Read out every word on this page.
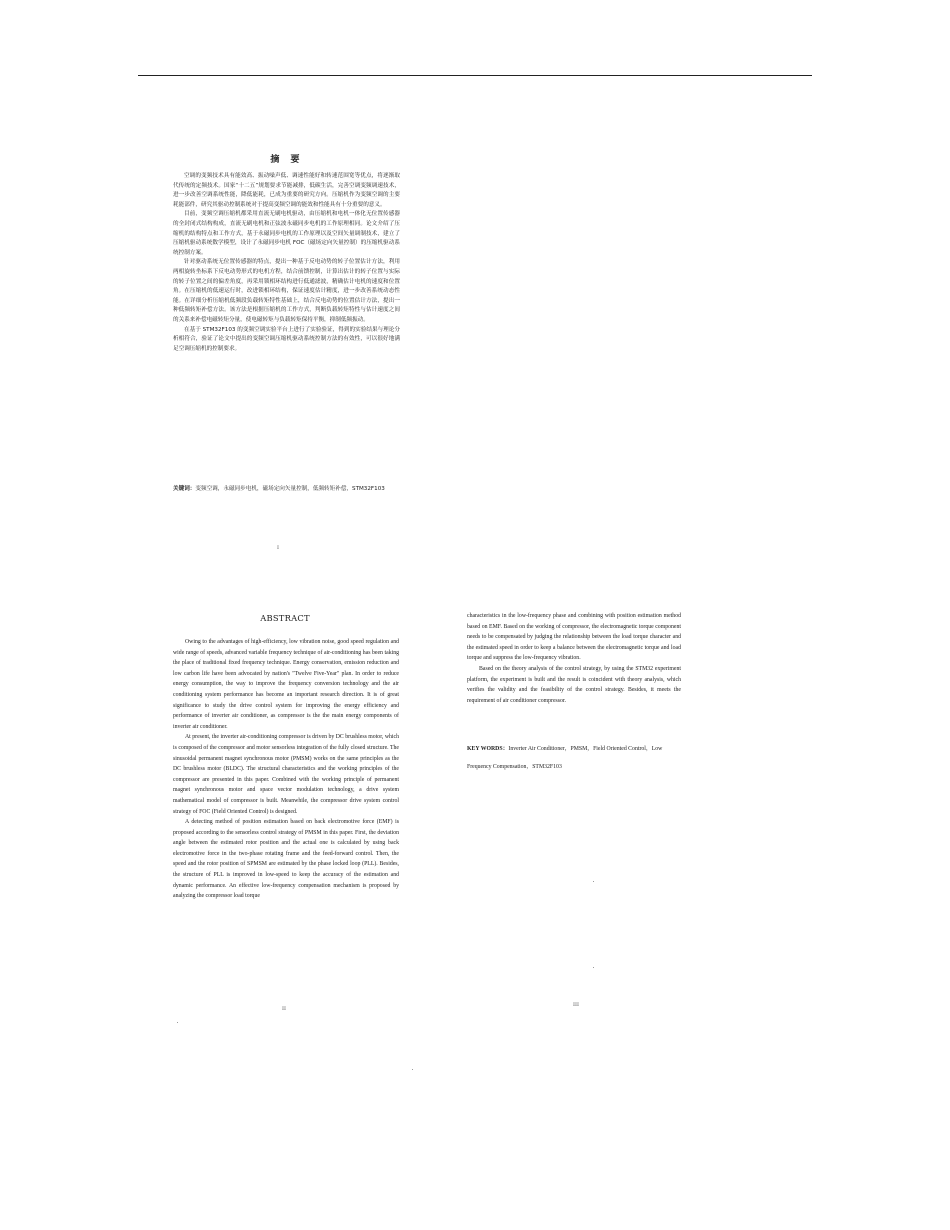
摘 要

空调的变频技术具有能效高、振动噪声低、调速性能好和转速范围宽等优点，将逐渐取代传统的定频技术。国家“十二五”规划要求节能减排，低碳生活，完善空调变频调速技术，进一步改善空调系统性能，降低能耗，已成为重要的研究方向。压缩机作为变频空调的主要耗能部件，研究其驱动控制系统对于提高变频空调的能效和性能具有十分重要的意义。

目前，变频空调压缩机都采用直流无刷电机驱动，由压缩机和电机一体化无位置传感器的全封闭式结构构成，直流无刷电机和正弦波永磁同步电机的工作原理相同。论文介绍了压缩机的结构特点和工作方式，基于永磁同步电机的工作原理以及空间矢量调制技术，建立了压缩机驱动系统数学模型，设计了永磁同步电机 FOC（磁场定向矢量控制）的压缩机驱动系统控制方案。

针对驱动系统无位置传感器的特点，提出一种基于反电动势的转子位置估计方法，利用两相旋转坐标系下反电动势形式的电机方程，结合前馈控制，计算出估计的转子位置与实际的转子位置之间的偏差角度，再采用锁相环结构进行低通滤波，精确估计电机的速度和位置角。在压缩机的低速运行时，改进锁相环结构，保证速度估计精度，进一步改善系统动态性能。在详细分析压缩机低频段负载转矩特性基础上，结合反电动势的位置估计方法，提出一种低频转矩补偿方法。该方法是根据压缩机的工作方式，判断负载转矩特性与估计速度之间的关系来补偿电磁转矩分量，使电磁转矩与负载转矩保持平衡，抑制低频振动。

在基于 STM32F103 的变频空调实验平台上进行了实验验证，得到的实验结果与理论分析相符合，验证了论文中提出的变频空调压缩机驱动系统控制方法的有效性，可以很好地满足空调压缩机的控制要求。

关键词：变频空调，永磁同步电机，磁场定向矢量控制，低频转矩补偿，STM32F103
I
ABSTRACT

Owing to the advantages of high-efficiency, low vibration noise, good speed regulation and wide range of speeds, advanced variable frequency technique of air-conditioning has been taking the place of traditional fixed frequency technique. Energy conservation, emission reduction and low carbon life have been advocated by nation's "Twelve Five-Year" plan. In order to reduce energy consumption, the way to improve the frequency conversion technology and the air conditioning system performance has become an important research direction. It is of great significance to study the drive control system for improving the energy efficiency and performance of inverter air conditioner, as compressor is the the main energy components of inverter air conditioner.

At present, the inverter air-conditioning compressor is driven by DC brushless motor, which is composed of the compressor and motor sensorless integration of the fully closed structure. The sinusoidal permanent magnet synchronous motor (PMSM) works on the same principles as the DC brushless motor (BLDC). The structural characteristics and the working principles of the compressor are presented in this paper. Combined with the working principle of permanent magnet synchronous motor and space vector modulation technology, a drive system mathematical model of compressor is built. Meanwhile, the compressor drive system control strategy of FOC (Field Oriented Control) is designed.

A detecting method of position estimation based on back electromotive force (EMF) is proposed according to the sensorless control strategy of PMSM in this paper. First, the deviation angle between the estimated rotor position and the actual one is calculated by using back electromotive force in the two-phase rotating frame and the feed-forward control. Then, the speed and the rotor position of SPMSM are estimated by the phase locked loop (PLL). Besides, the structure of PLL is improved in low-speed to keep the accuracy of the estimation and dynamic performance. An effective low-frequency compensation mechanism is proposed by analyzing the compressor load torque

II

characteristics in the low-frequency phase and combining with position estimation method based on EMF. Based on the working of compressor, the electromagnetic torque component needs to be compensated by judging the relationship between the load torque character and the estimated speed in order to keep a balance between the electromagnetic torque and load torque and suppress the low-frequency vibration.

Based on the theory analysis of the control strategy, by using the STM32 experiment platform, the experiment is built and the result is coincident with theory analysis, which verifies the validity and the feasibility of the control strategy. Besides, it meets the requirement of air conditioner compressor.

KEY WORDS：Inverter Air Conditioner，PMSM，Field Oriented Control，Low Frequency Compensation，STM32F103
III
